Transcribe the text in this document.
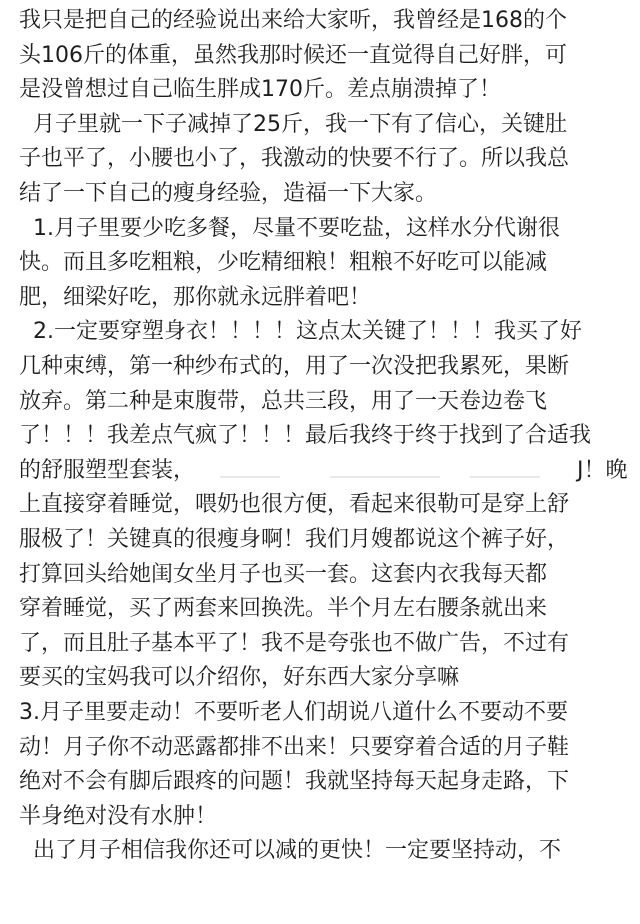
我只是把自己的经验说出来给大家听，我曾经是168的个
头106斤的体重，虽然我那时候还一直觉得自己好胖，可
是没曾想过自己临生胖成170斤。差点崩溃掉了！
月子里就一下子减掉了25斤，我一下有了信心，关键肚
子也平了，小腰也小了，我激动的快要不行了。所以我总
结了一下自己的瘦身经验，造福一下大家。
1.月子里要少吃多餐，尽量不要吃盐，这样水分代谢很
快。而且多吃粗粮，少吃精细粮！粗粮不好吃可以能减
肥，细梁好吃，那你就永远胖着吧！
2.一定要穿塑身衣！！！！这点太关键了！！！我买了好
几种束缚，第一种纱布式的，用了一次没把我累死，果断
放弃。第二种是束腹带，总共三段，用了一天卷边卷飞
了！！！我差点气疯了！！！最后我终于终于找到了合适我
的舒服塑型套装，	J！晚
上直接穿着睡觉，喂奶也很方便，看起来很勒可是穿上舒
服极了！关键真的很瘦身啊！我们月嫂都说这个裤子好，
打算回头给她闺女坐月子也买一套。这套内衣我每天都
穿着睡觉，买了两套来回换洗。半个月左右腰条就出来
了，而且肚子基本平了！我不是夸张也不做广告，不过有
要买的宝妈我可以介绍你，好东西大家分享嘛
3.月子里要走动！不要听老人们胡说八道什么不要动不要
动！月子你不动恶露都排不出来！只要穿着合适的月子鞋
绝对不会有脚后跟疼的问题！我就坚持每天起身走路，下
半身绝对没有水肿！
出了月子相信我你还可以减的更快！一定要坚持动，不
